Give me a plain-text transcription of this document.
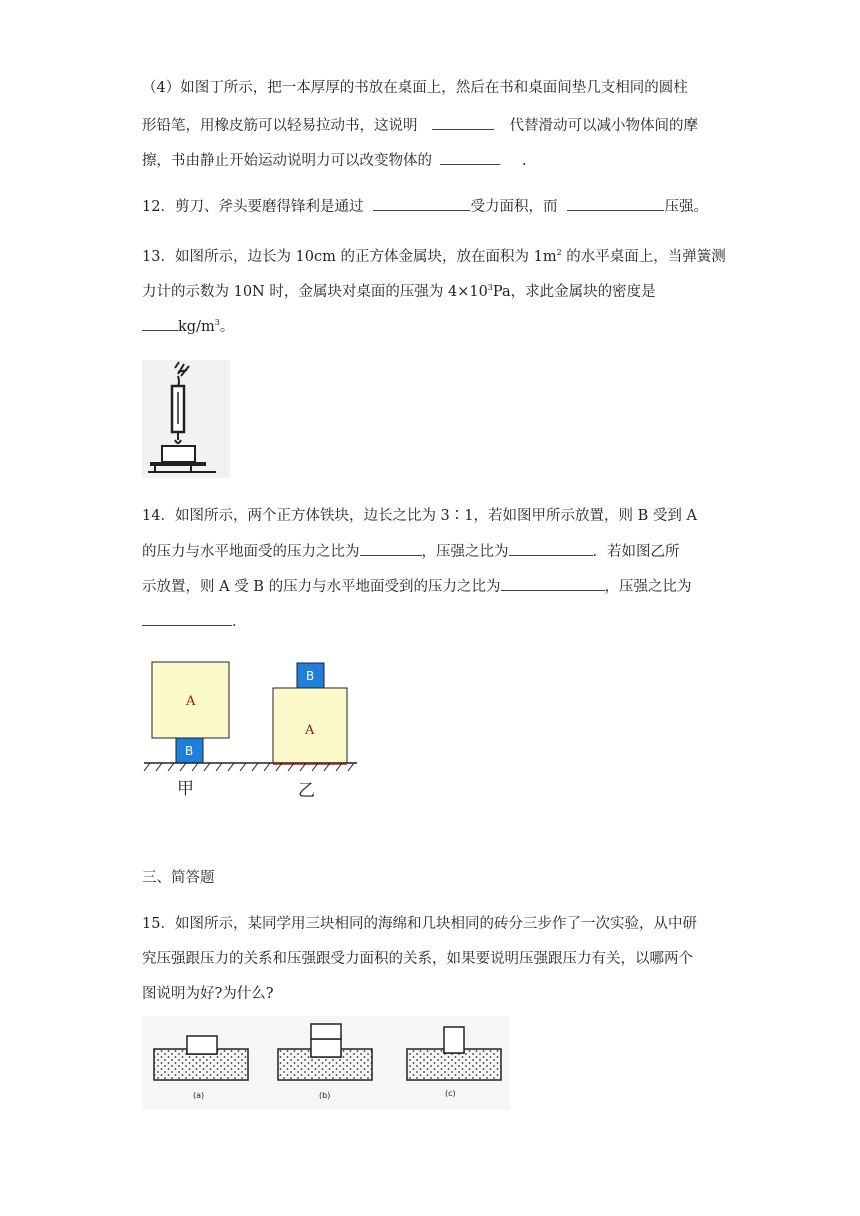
（4）如图丁所示，把一本厚厚的书放在桌面上，然后在书和桌面间垫几支相同的圆柱
形铅笔，用橡皮筋可以轻易拉动书，这说明	代替滑动可以减小物体间的摩
擦，书由静止开始运动说明力可以改变物体的	.
12．剪刀、斧头要磨得锋利是通过	受力面积，而	压强。
13．如图所示，边长为 10cm 的正方体金属块，放在面积为 $1m^2$ 的水平桌面上，当弹簧测
力计的示数为 10N 时，金属块对桌面的压强为 $4\times 10^3Pa$，求此金属块的密度是
$kg/m^3$。
14．如图所示，两个正方体铁块，边长之比为 3∶1，若如图甲所示放置，则 B 受到 A
的压力与水平地面受的压力之比为	，压强之比为	．若如图乙所
示放置，则 A 受 B 的压力与水平地面受到的压力之比为	，压强之比为
．
A
B
B
A
甲	乙
三、简答题
15．如图所示，某同学用三块相同的海绵和几块相同的砖分三步作了一次实验，从中研
究压强跟压力的关系和压强跟受力面积的关系，如果要说明压强跟压力有关，以哪两个
图说明为好?为什么?
(a)	(b)	(c)
